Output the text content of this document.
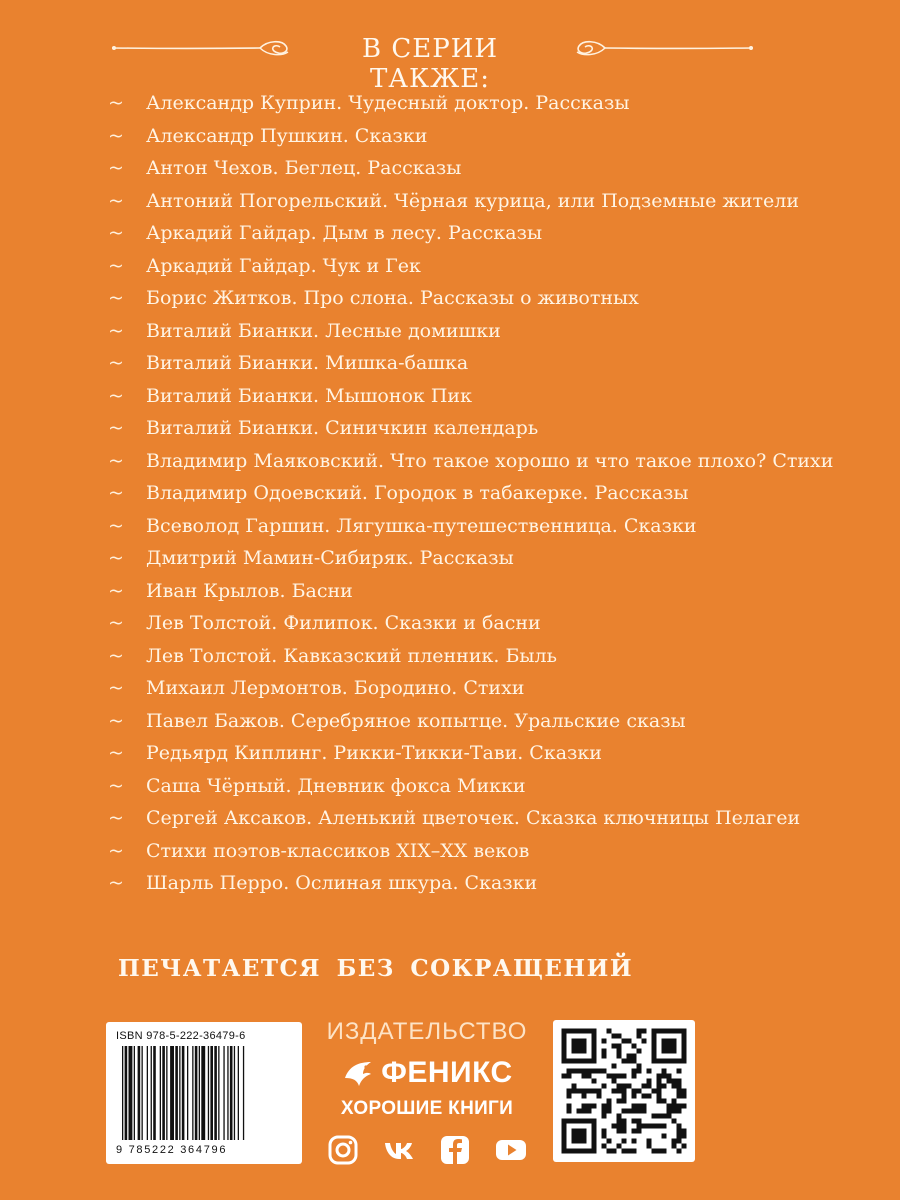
В СЕРИИ ТАКЖЕ:
~ Александр Куприн. Чудесный доктор. Рассказы
~ Александр Пушкин. Сказки
~ Антон Чехов. Беглец. Рассказы
~ Антоний Погорельский. Чёрная курица, или Подземные жители
~ Аркадий Гайдар. Дым в лесу. Рассказы
~ Аркадий Гайдар. Чук и Гек
~ Борис Житков. Про слона. Рассказы о животных
~ Виталий Бианки. Лесные домишки
~ Виталий Бианки. Мишка-башка
~ Виталий Бианки. Мышонок Пик
~ Виталий Бианки. Синичкин календарь
~ Владимир Маяковский. Что такое хорошо и что такое плохо? Стихи
~ Владимир Одоевский. Городок в табакерке. Рассказы
~ Всеволод Гаршин. Лягушка-путешественница. Сказки
~ Дмитрий Мамин-Сибиряк. Рассказы
~ Иван Крылов. Басни
~ Лев Толстой. Филипок. Сказки и басни
~ Лев Толстой. Кавказский пленник. Быль
~ Михаил Лермонтов. Бородино. Стихи
~ Павел Бажов. Серебряное копытце. Уральские сказы
~ Редьярд Киплинг. Рикки-Тикки-Тави. Сказки
~ Саша Чёрный. Дневник фокса Микки
~ Сергей Аксаков. Аленький цветочек. Сказка ключницы Пелагеи
~ Стихи поэтов-классиков XIX–XX веков
~ Шарль Перро. Ослиная шкура. Сказки
ПЕЧАТАЕТСЯ БЕЗ СОКРАЩЕНИЙ
ISBN 978-5-222-36479-6
9 785222 364796
ИЗДАТЕЛЬСТВО
ФЕНИКС
ХОРОШИЕ КНИГИ
